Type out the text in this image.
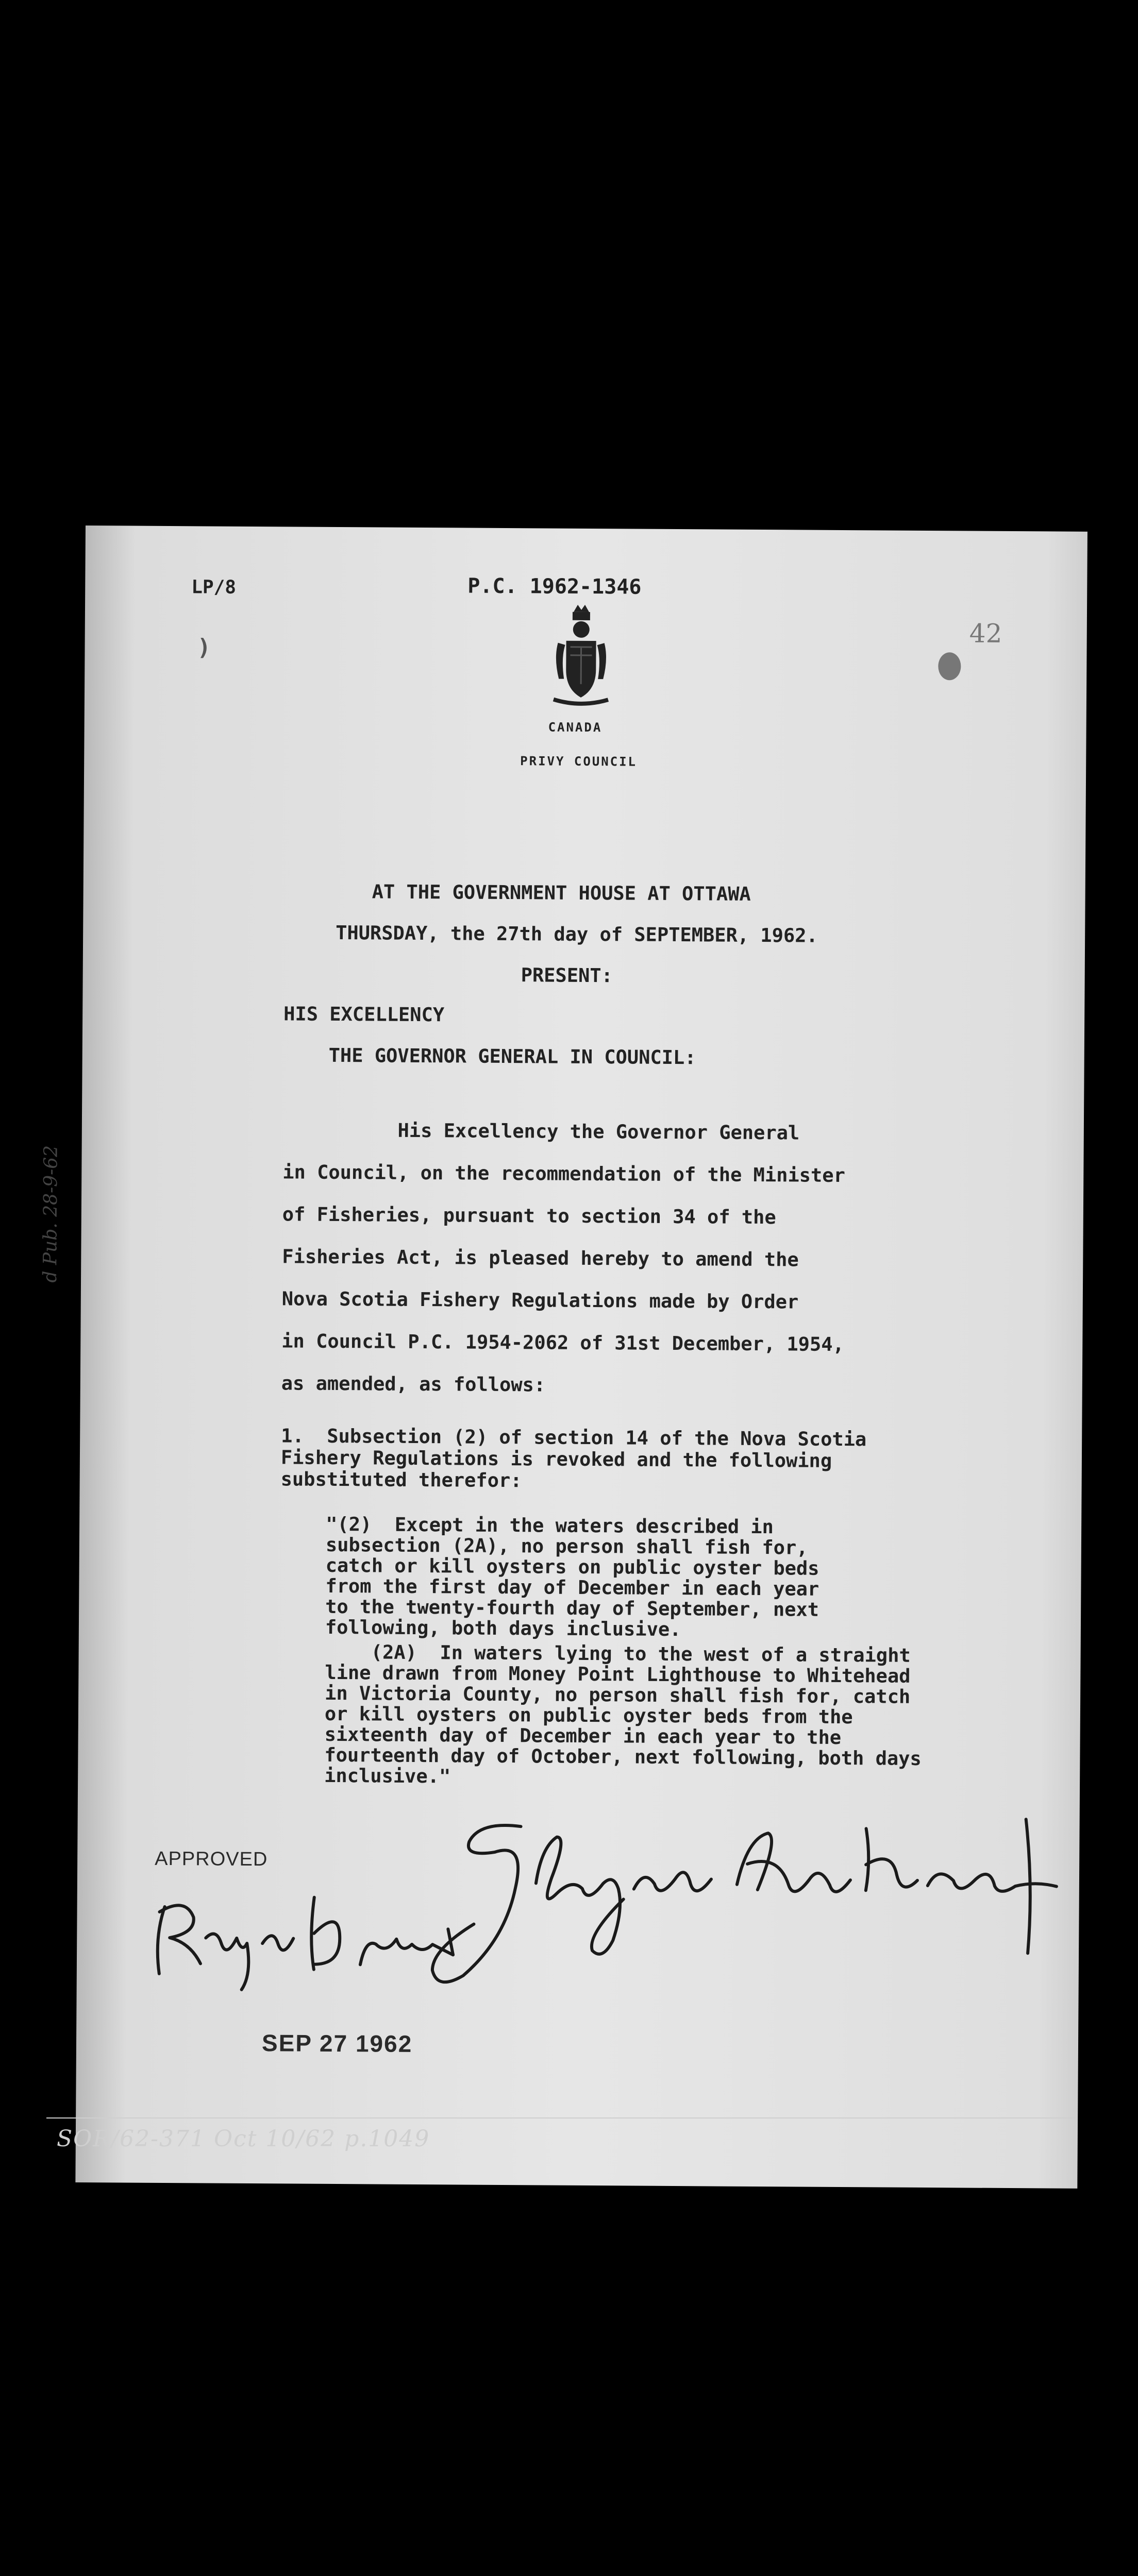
LP/8	P.C. 1962-1346
42
)
CANADA
PRIVY COUNCIL
AT THE GOVERNMENT HOUSE AT OTTAWA
THURSDAY, the 27th day of SEPTEMBER, 1962.
PRESENT:
HIS EXCELLENCY
THE GOVERNOR GENERAL IN COUNCIL:
His Excellency the Governor General
in Council, on the recommendation of the Minister
of Fisheries, pursuant to section 34 of the
Fisheries Act, is pleased hereby to amend the
Nova Scotia Fishery Regulations made by Order
in Council P.C. 1954-2062 of 31st December, 1954,
as amended, as follows:
1.  Subsection (2) of section 14 of the Nova Scotia
Fishery Regulations is revoked and the following
substituted therefor:
"(2)  Except in the waters described in
subsection (2A), no person shall fish for,
catch or kill oysters on public oyster beds
from the first day of December in each year
to the twenty-fourth day of September, next
following, both days inclusive.
(2A)  In waters lying to the west of a straight
line drawn from Money Point Lighthouse to Whitehead
in Victoria County, no person shall fish for, catch
or kill oysters on public oyster beds from the
sixteenth day of December in each year to the
fourteenth day of October, next following, both days
inclusive."
d Pub. 28-9-62
APPROVED
SEP 27 1962
SOR/62-371 Oct 10/62 p.1049
